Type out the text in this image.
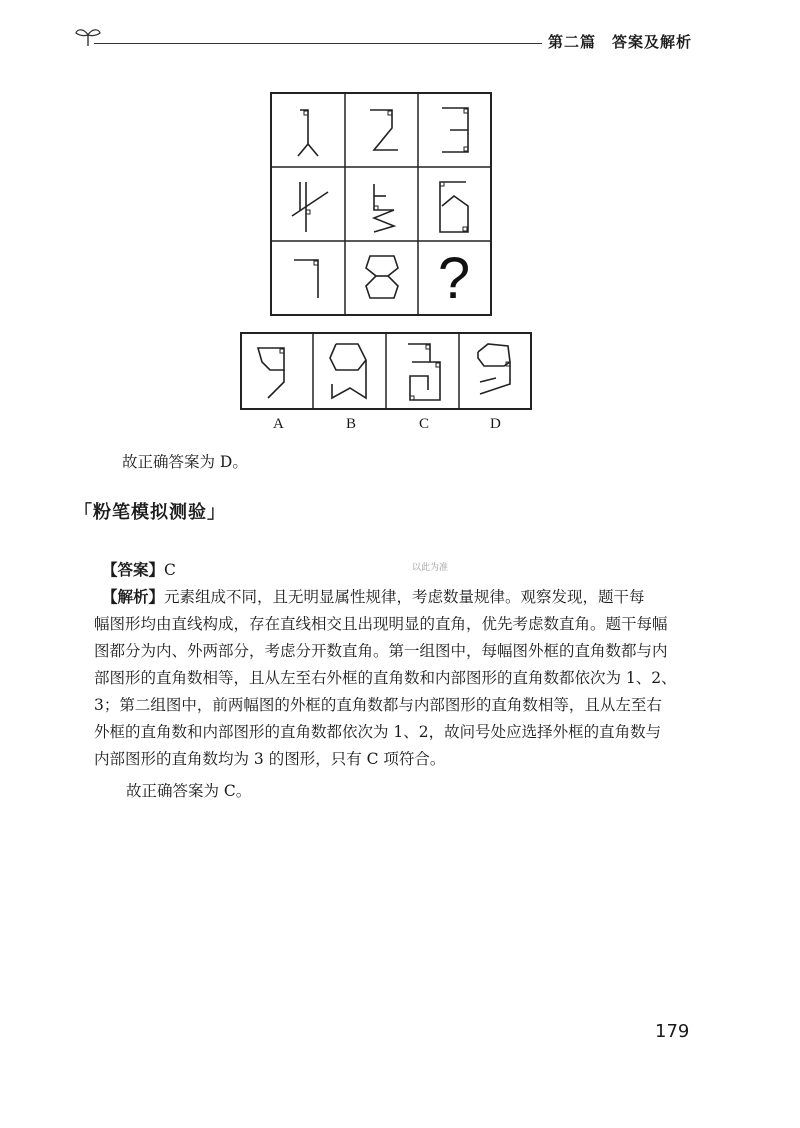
第二篇　答案及解析
?
A	B	C	D
故正确答案为 D。
「粉笔模拟测验」
以此为准
【答案】C
【解析】元素组成不同，且无明显属性规律，考虑数量规律。观察发现，题干每
幅图形均由直线构成，存在直线相交且出现明显的直角，优先考虑数直角。题干每幅
图都分为内、外两部分，考虑分开数直角。第一组图中，每幅图外框的直角数都与内
部图形的直角数相等，且从左至右外框的直角数和内部图形的直角数都依次为 1、2、
3；第二组图中，前两幅图的外框的直角数都与内部图形的直角数相等，且从左至右
外框的直角数和内部图形的直角数都依次为 1、2，故问号处应选择外框的直角数与
内部图形的直角数均为 3 的图形，只有 C 项符合。
故正确答案为 C。
179
